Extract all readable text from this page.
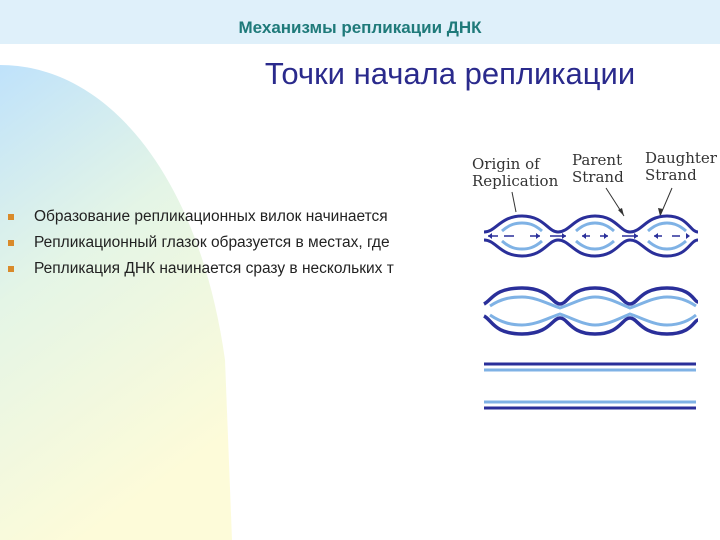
Механизмы репликации ДНК
Точки начала репликации
Образование репликационных вилок начинается
Репликационный глазок образуется в местах, где
Репликация ДНК начинается сразу в нескольких т
Origin of
Replication
Parent
Strand
Daughter
Strand
